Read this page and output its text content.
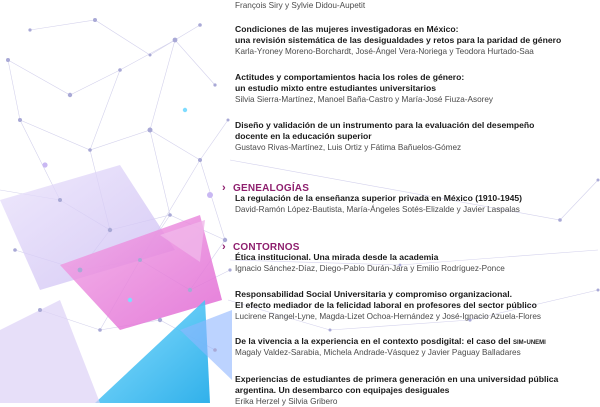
François Siry y Sylvie Didou-Aupetit
Condiciones de las mujeres investigadoras en México:
una revisión sistemática de las desigualdades y retos para la paridad de género
Karla-Yroney Moreno-Borchardt, José-Ángel Vera-Noriega y Teodora Hurtado-Saa
Actitudes y comportamientos hacia los roles de género:
un estudio mixto entre estudiantes universitarios
Silvia Sierra-Martínez, Manoel Baña-Castro y María-José Fiuza-Asorey
Diseño y validación de un instrumento para la evaluación del desempeño
docente en la educación superior
Gustavo Rivas-Martínez, Luis Ortiz y Fátima Bañuelos-Gómez
› GENEALOGÍAS
La regulación de la enseñanza superior privada en México (1910-1945)
David-Ramón López-Bautista, María-Ángeles Sotés-Elizalde y Javier Laspalas
› CONTORNOS
Ética institucional. Una mirada desde la academia
Ignacio Sánchez-Díaz, Diego-Pablo Durán-Jara y Emilio Rodríguez-Ponce
Responsabilidad Social Universitaria y compromiso organizacional.
El efecto mediador de la felicidad laboral en profesores del sector público
Lucirene Rangel-Lyne, Magda-Lizet Ochoa-Hernández y José-Ignacio Azuela-Flores
De la vivencia a la experiencia en el contexto posdigital: el caso del sim-unemi
Magaly Valdez-Sarabia, Michela Andrade-Vásquez y Javier Paguay Balladares
Experiencias de estudiantes de primera generación en una universidad pública
argentina. Un desembarco con equipajes desiguales
Erika Herzel y Silvia Gribero
